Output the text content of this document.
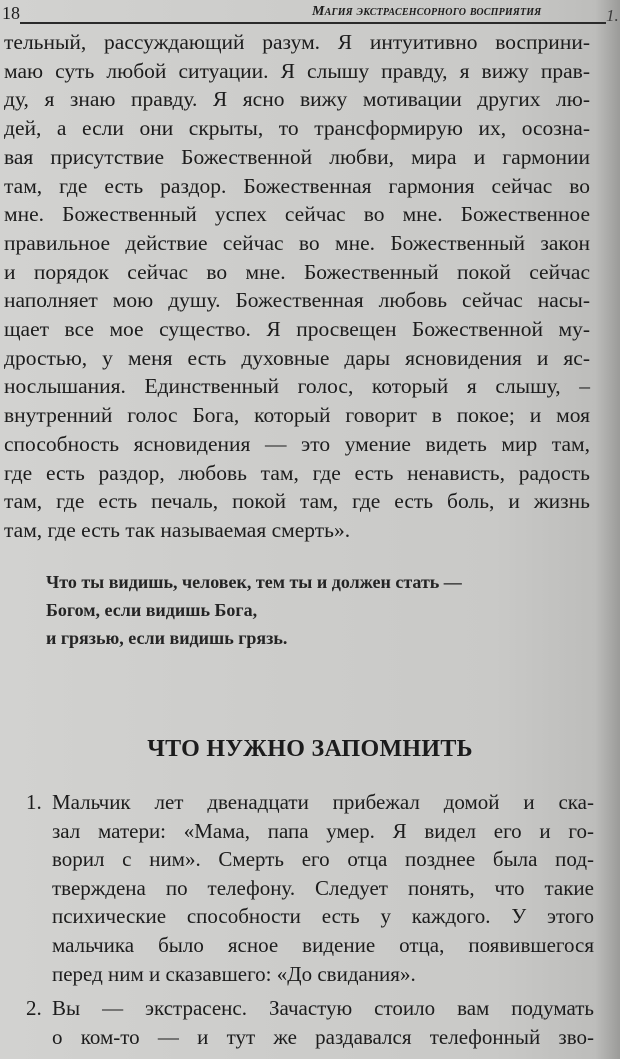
18	Магия экстрасенсорного восприятия	1.
тельный, рассуждающий разум. Я интуитивно восприни-
маю суть любой ситуации. Я слышу правду, я вижу прав-
ду, я знаю правду. Я ясно вижу мотивации других лю-
дей, а если они скрыты, то трансформирую их, осозна-
вая присутствие Божественной любви, мира и гармонии
там, где есть раздор. Божественная гармония сейчас во
мне. Божественный успех сейчас во мне. Божественное
правильное действие сейчас во мне. Божественный закон
и порядок сейчас во мне. Божественный покой сейчас
наполняет мою душу. Божественная любовь сейчас насы-
щает все мое существо. Я просвещен Божественной му-
дростью, у меня есть духовные дары ясновидения и яс-
нослышания. Единственный голос, который я слышу, –
внутренний голос Бога, который говорит в покое; и моя
способность ясновидения — это умение видеть мир там,
где есть раздор, любовь там, где есть ненависть, радость
там, где есть печаль, покой там, где есть боль, и жизнь
там, где есть так называемая смерть».
Что ты видишь, человек, тем ты и должен стать —
Богом, если видишь Бога,
и грязью, если видишь грязь.
ЧТО НУЖНО ЗАПОМНИТЬ
1. Мальчик лет двенадцати прибежал домой и ска-
зал матери: «Мама, папа умер. Я видел его и го-
ворил с ним». Смерть его отца позднее была под-
тверждена по телефону. Следует понять, что такие
психические способности есть у каждого. У этого
мальчика было ясное видение отца, появившегося
перед ним и сказавшего: «До свидания».
2. Вы — экстрасенс. Зачастую стоило вам подумать
о ком-то — и тут же раздавался телефонный зво-
